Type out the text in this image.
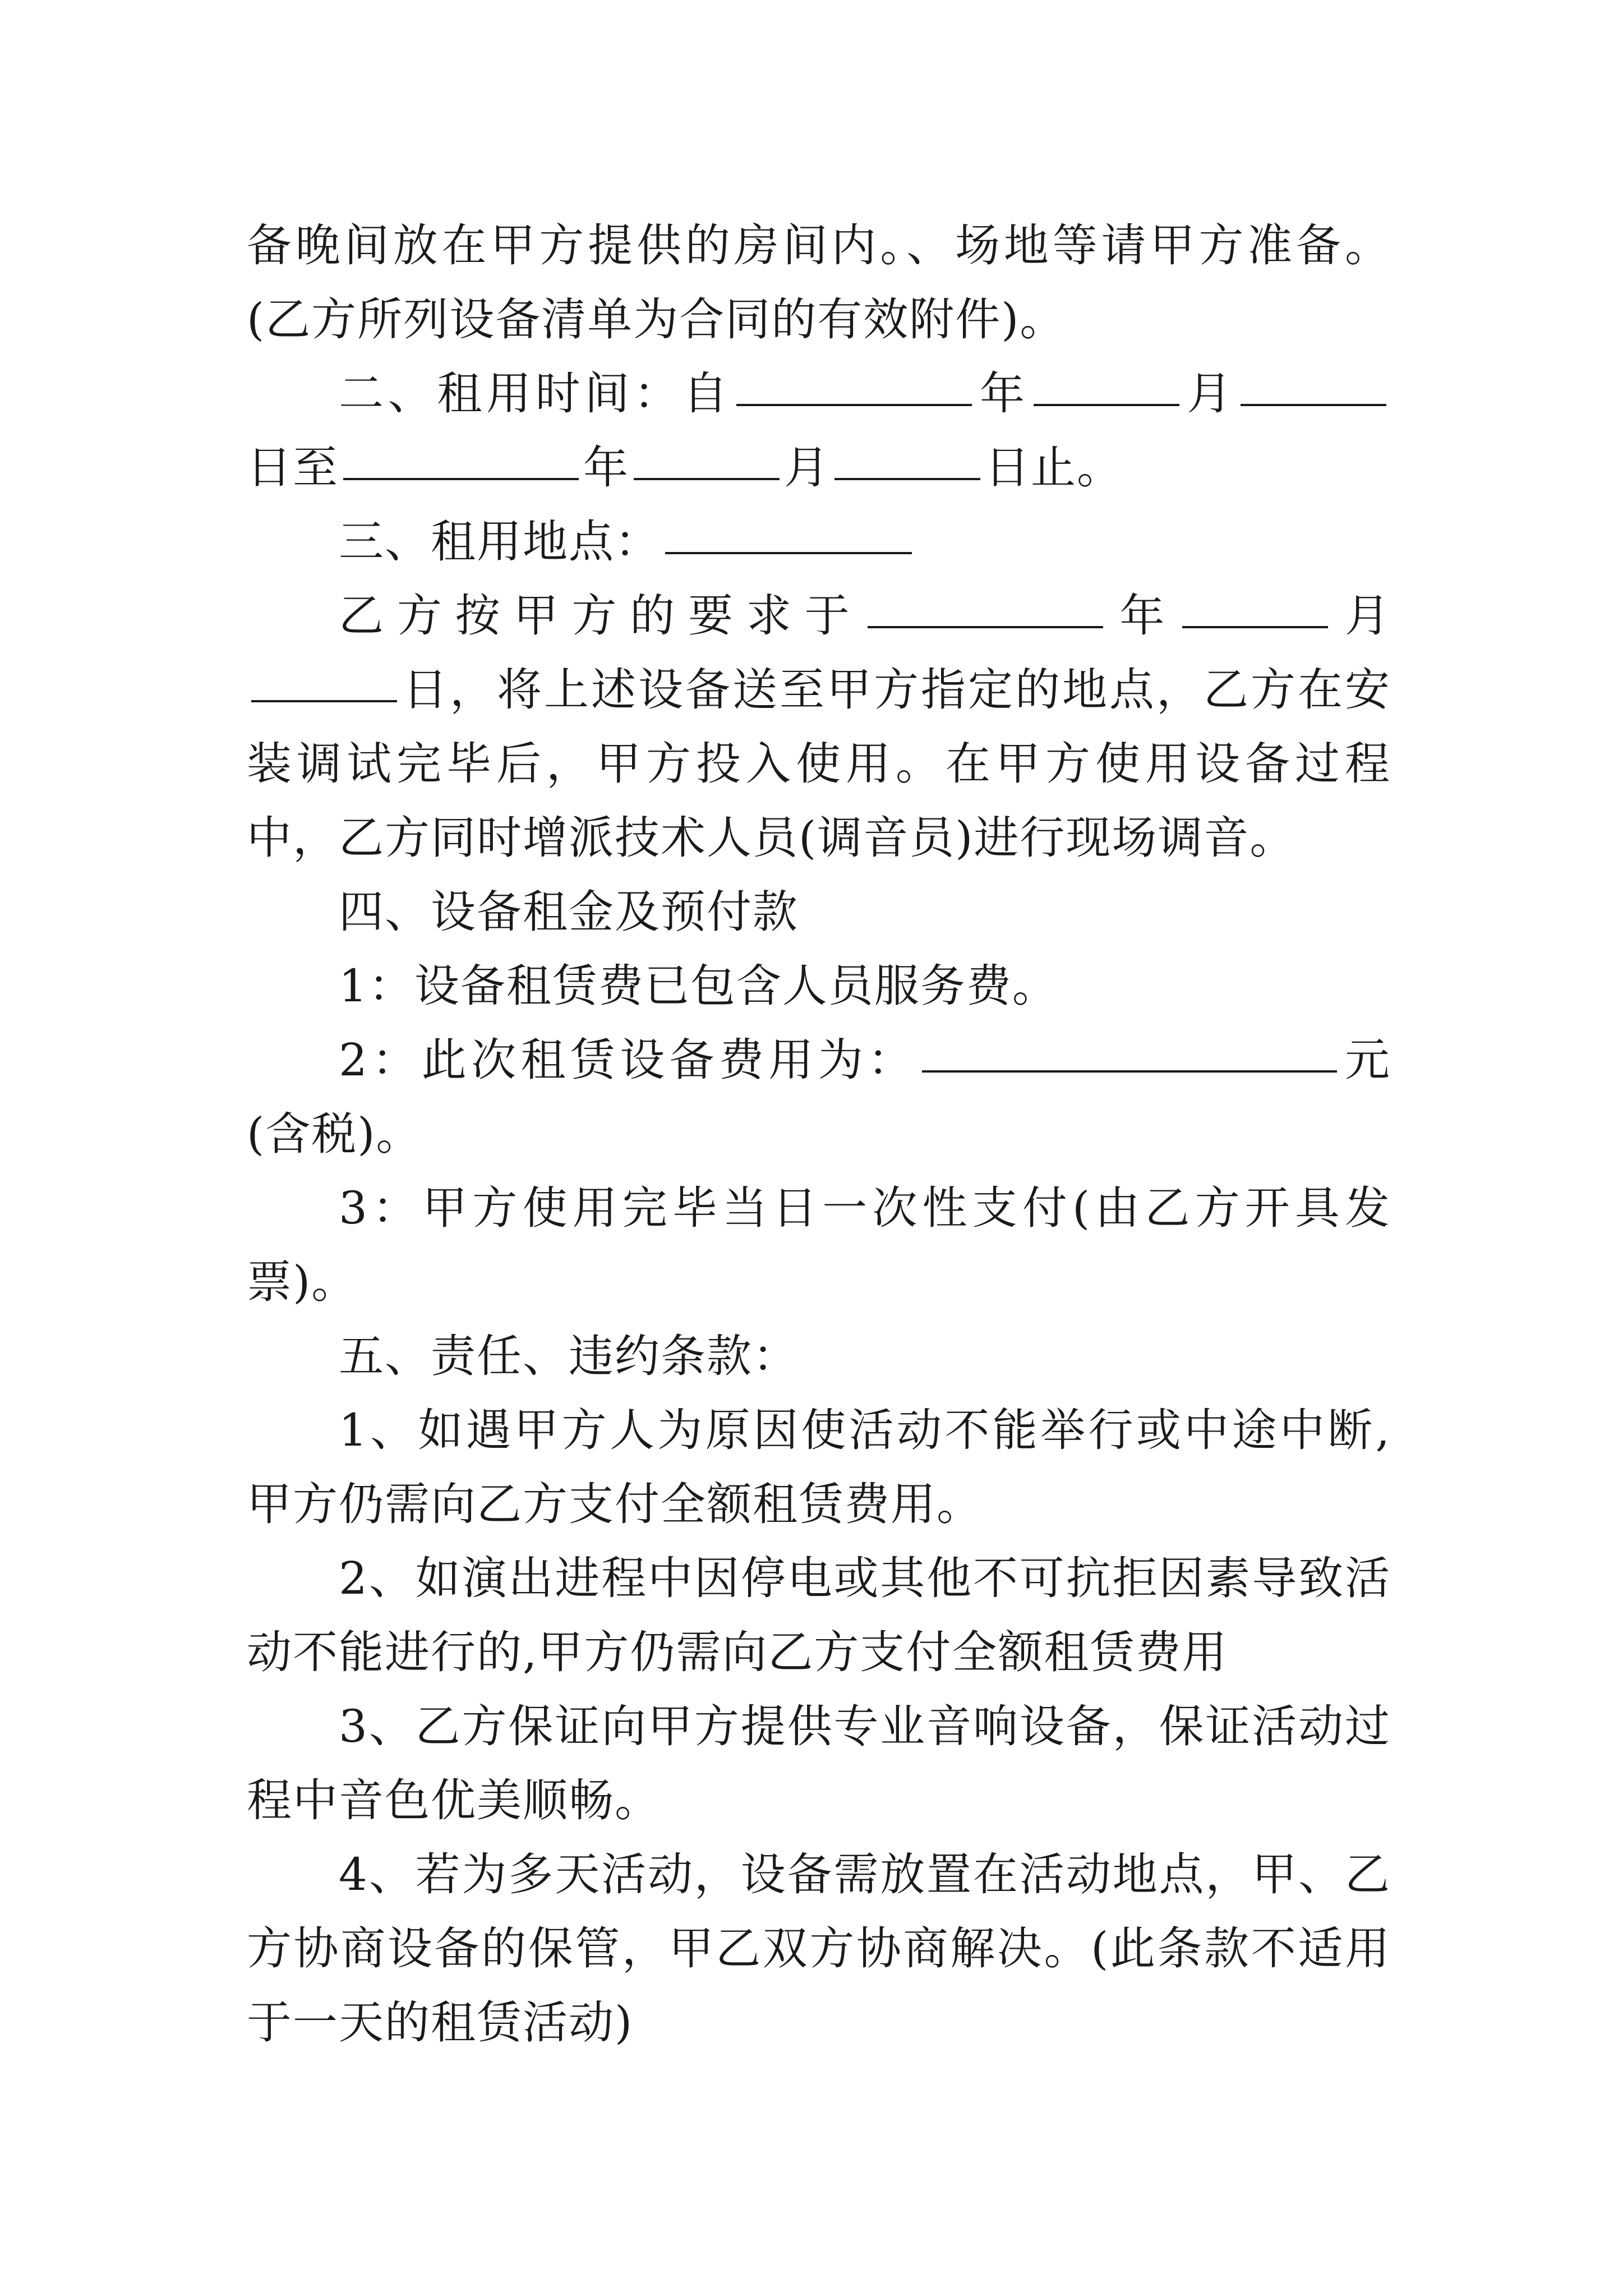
备晚间放在甲方提供的房间内。、场地等请甲方准备。(乙方所列设备清单为合同的有效附件)。

二、租用时间：自	年	月日至	年	月	日止。

三、租用地点：

乙方按甲方的要求于	年	月日，将上述设备送至甲方指定的地点，乙方在安装调试完毕后，甲方投入使用。在甲方使用设备过程中，乙方同时增派技术人员(调音员)进行现场调音。

四、设备租金及预付款

1：设备租赁费已包含人员服务费。

2：此次租赁设备费用为：	元(含税)。

3：甲方使用完毕当日一次性支付(由乙方开具发票)。

五、责任、违约条款：

1、如遇甲方人为原因使活动不能举行或中途中断,甲方仍需向乙方支付全额租赁费用。

2、如演出进程中因停电或其他不可抗拒因素导致活动不能进行的,甲方仍需向乙方支付全额租赁费用

3、乙方保证向甲方提供专业音响设备，保证活动过程中音色优美顺畅。

4、若为多天活动，设备需放置在活动地点，甲、乙方协商设备的保管，甲乙双方协商解决。(此条款不适用于一天的租赁活动)
